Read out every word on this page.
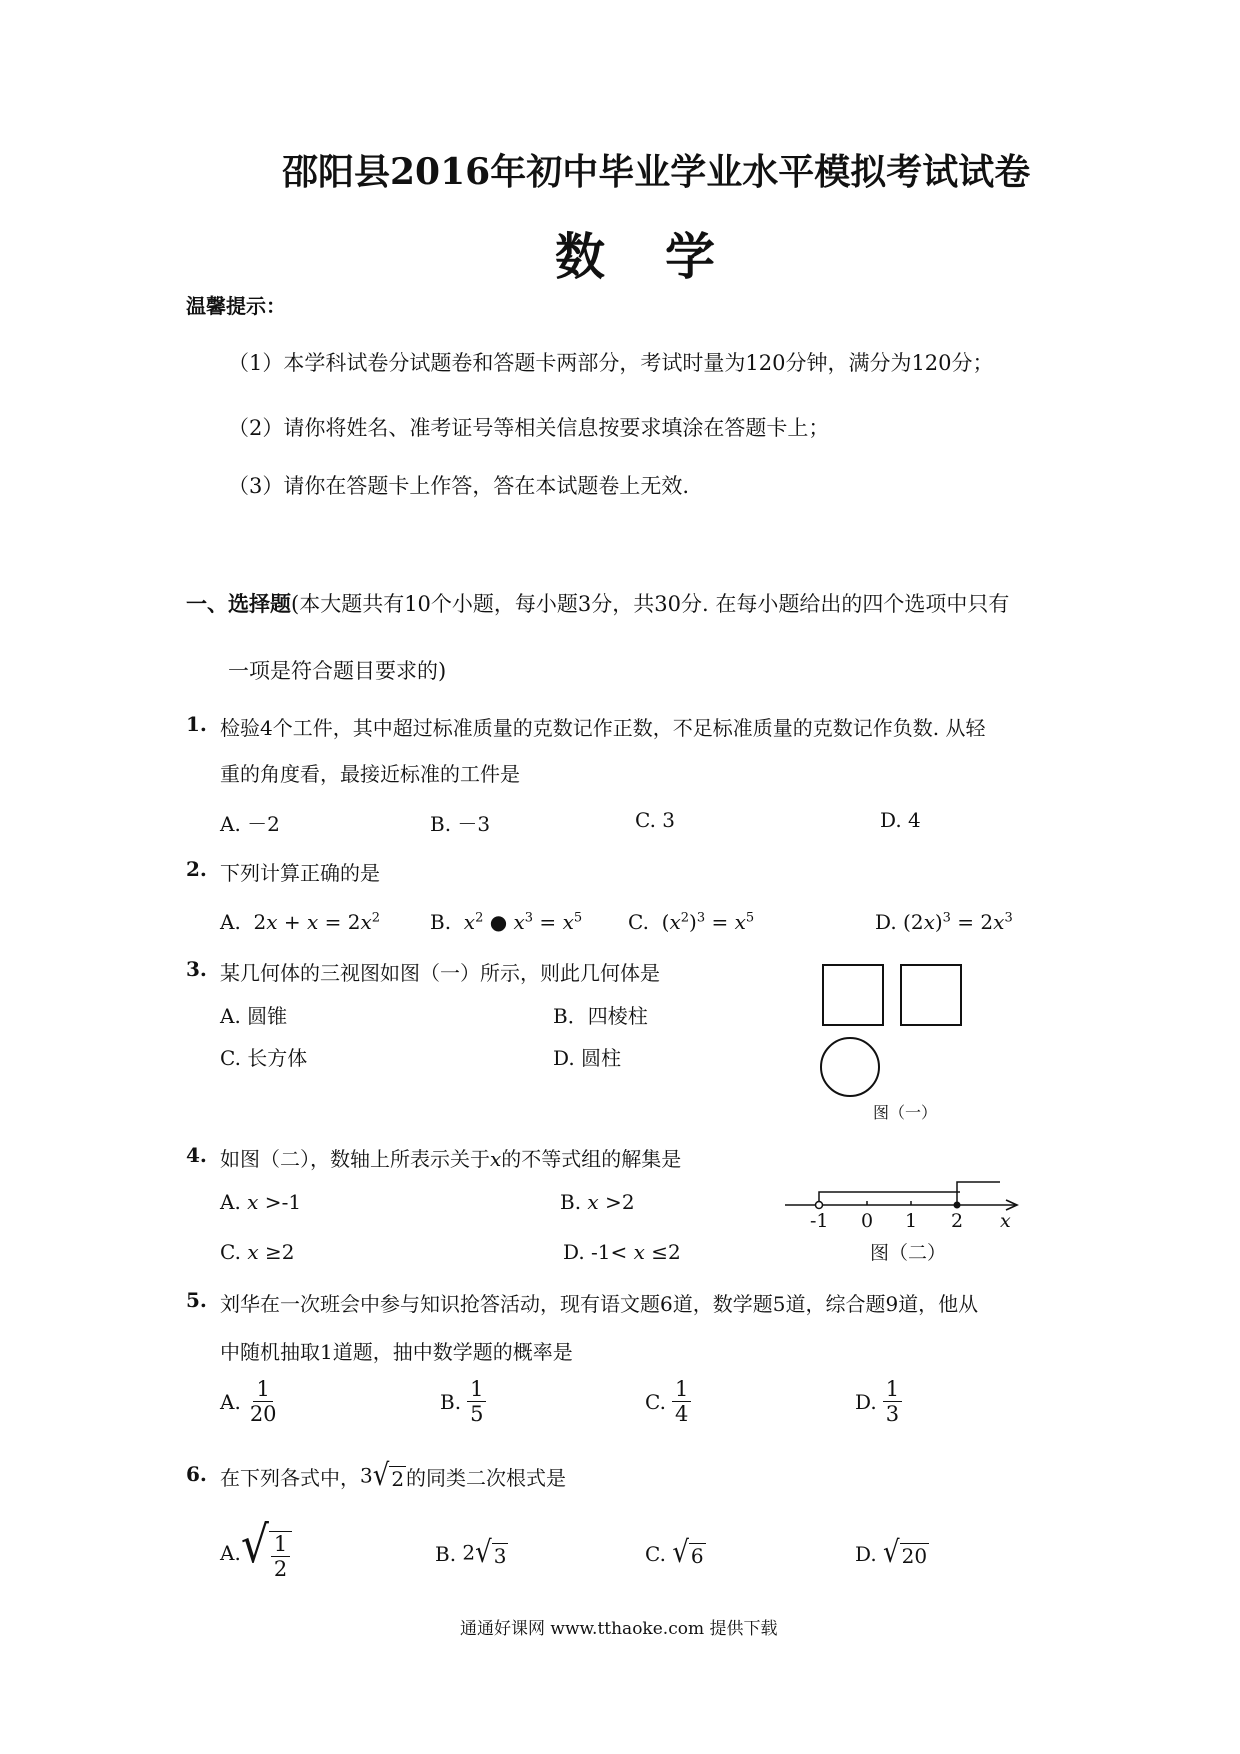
邵阳县2016年初中毕业学业水平模拟考试试卷
数学
温馨提示：
（1）本学科试卷分试题卷和答题卡两部分，考试时量为120分钟，满分为120分；
（2）请你将姓名、准考证号等相关信息按要求填涂在答题卡上；
（3）请你在答题卡上作答，答在本试题卷上无效.
一、选择题(本大题共有10个小题，每小题3分，共30分. 在每小题给出的四个选项中只有
一项是符合题目要求的)
1. 检验4个工件，其中超过标准质量的克数记作正数，不足标准质量的克数记作负数. 从轻
重的角度看，最接近标准的工件是
A. －2	B. －3	C. 3	D. 4
2. 下列计算正确的是
A.  $2x + x = 2x^2$ B. $x^2$ ● $x^3 = x^5$ C.  $(x^2)^3 = x^5$	D. $(2x)^3 = 2x^3$
3. 某几何体的三视图如图（一）所示，则此几何体是
A. 圆锥	B．四棱柱
C. 长方体	D. 圆柱
图（一）
4. 如图（二），数轴上所表示关于x的不等式组的解集是
A. x >-1	B. x >2
C. x ≥2	D. -1< x ≤2
-1 0 1 2 x
图（二）
5. 刘华在一次班会中参与知识抢答活动，现有语文题6道，数学题5道，综合题9道，他从
中随机抽取1道题，抽中数学题的概率是
A. $\frac{1}{20}$	B. $\frac{1}{5}$	C. $\frac{1}{4}$	D. $\frac{1}{3}$
6. 在下列各式中， 3 √ 2 的同类二次根式是
A. √ $\frac{1}{2}$	B.
2 √ 3	C.
√ 6	D.
√ 20
通通好课网 www.tthaoke.com 提供下载
